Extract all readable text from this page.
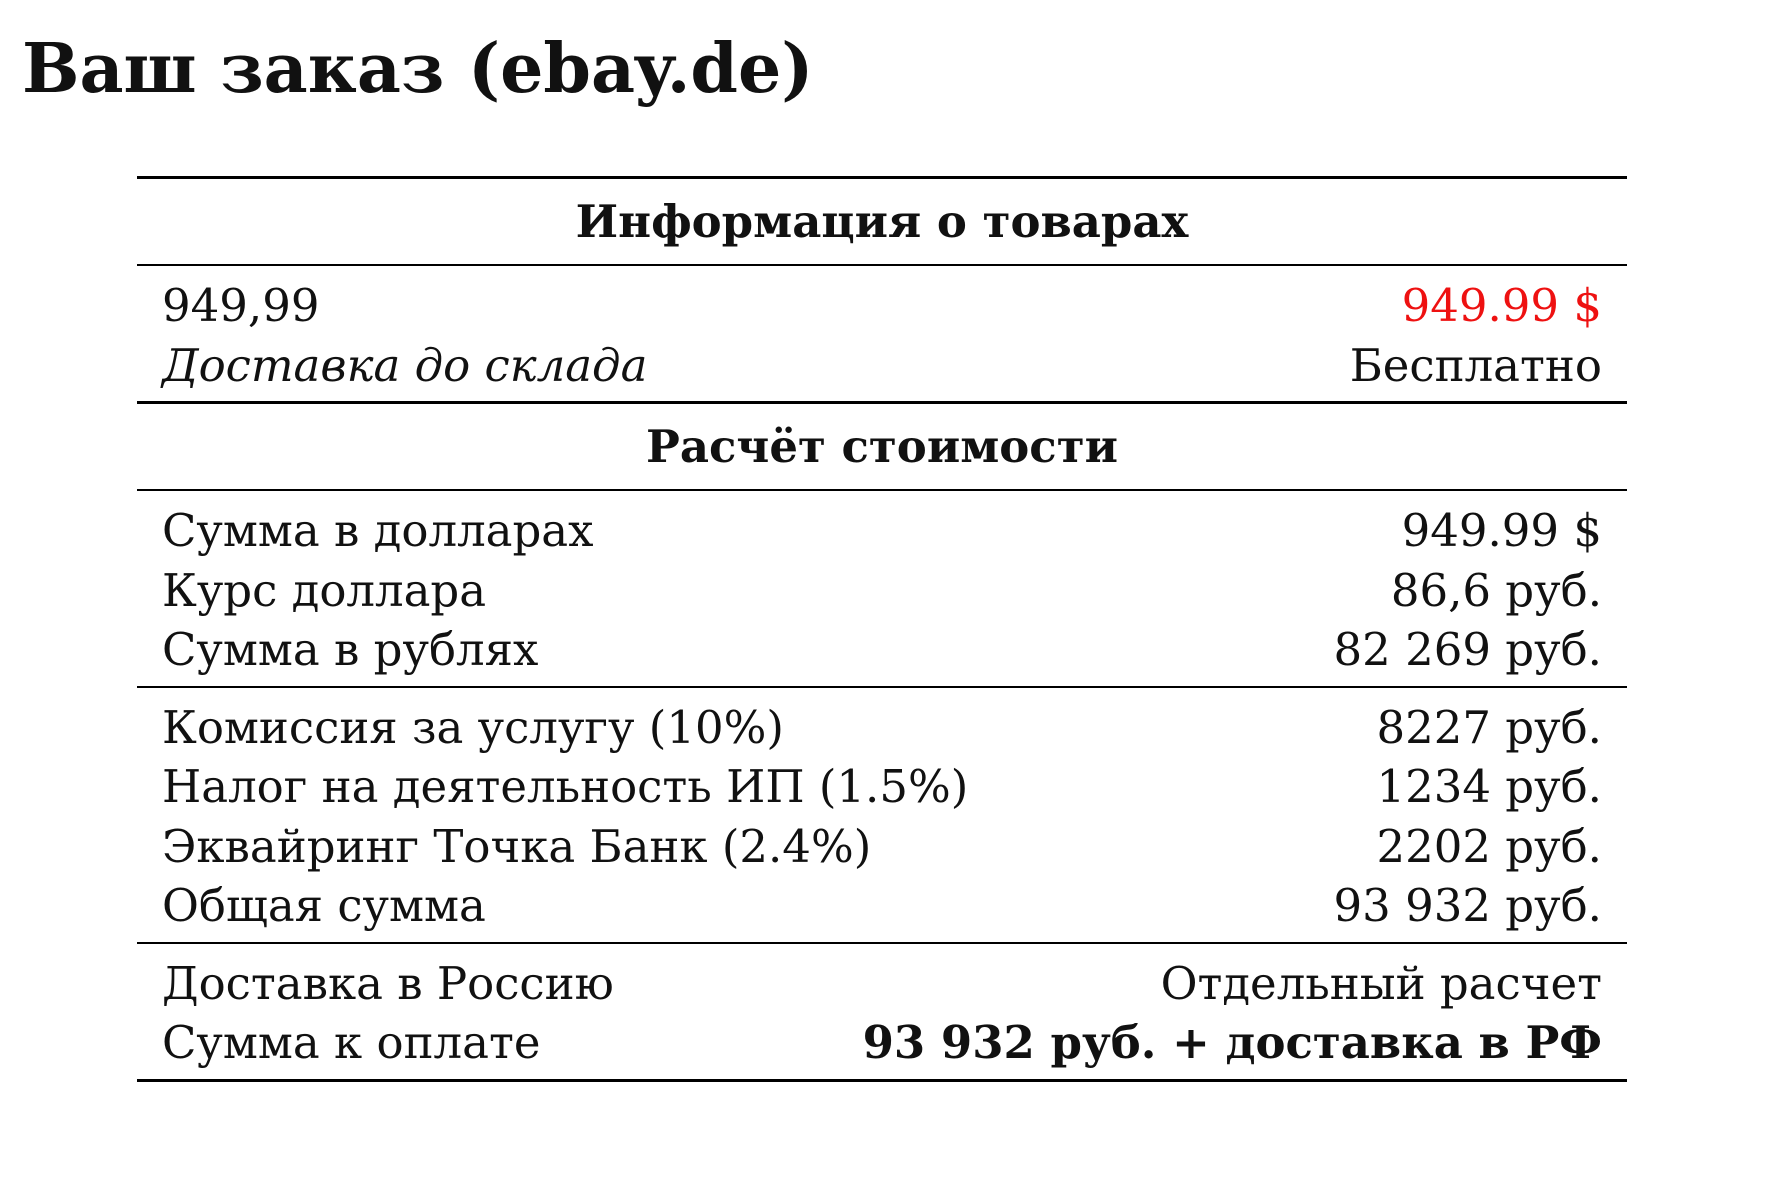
Ваш заказ (ebay.de)
Информация о товарах
949,99	949.99 $
Доставка до склада	Бесплатно
Расчёт стоимости
Сумма в долларах	949.99 $
Курс доллара	86,6 руб.
Сумма в рублях	82 269 руб.
Комиссия за услугу (10%)	8227 руб.
Налог на деятельность ИП (1.5%)	1234 руб.
Эквайринг Точка Банк (2.4%)	2202 руб.
Общая сумма	93 932 руб.
Доставка в Россию	Отдельный расчет
Сумма к оплате	93 932 руб. + доставка в РФ
